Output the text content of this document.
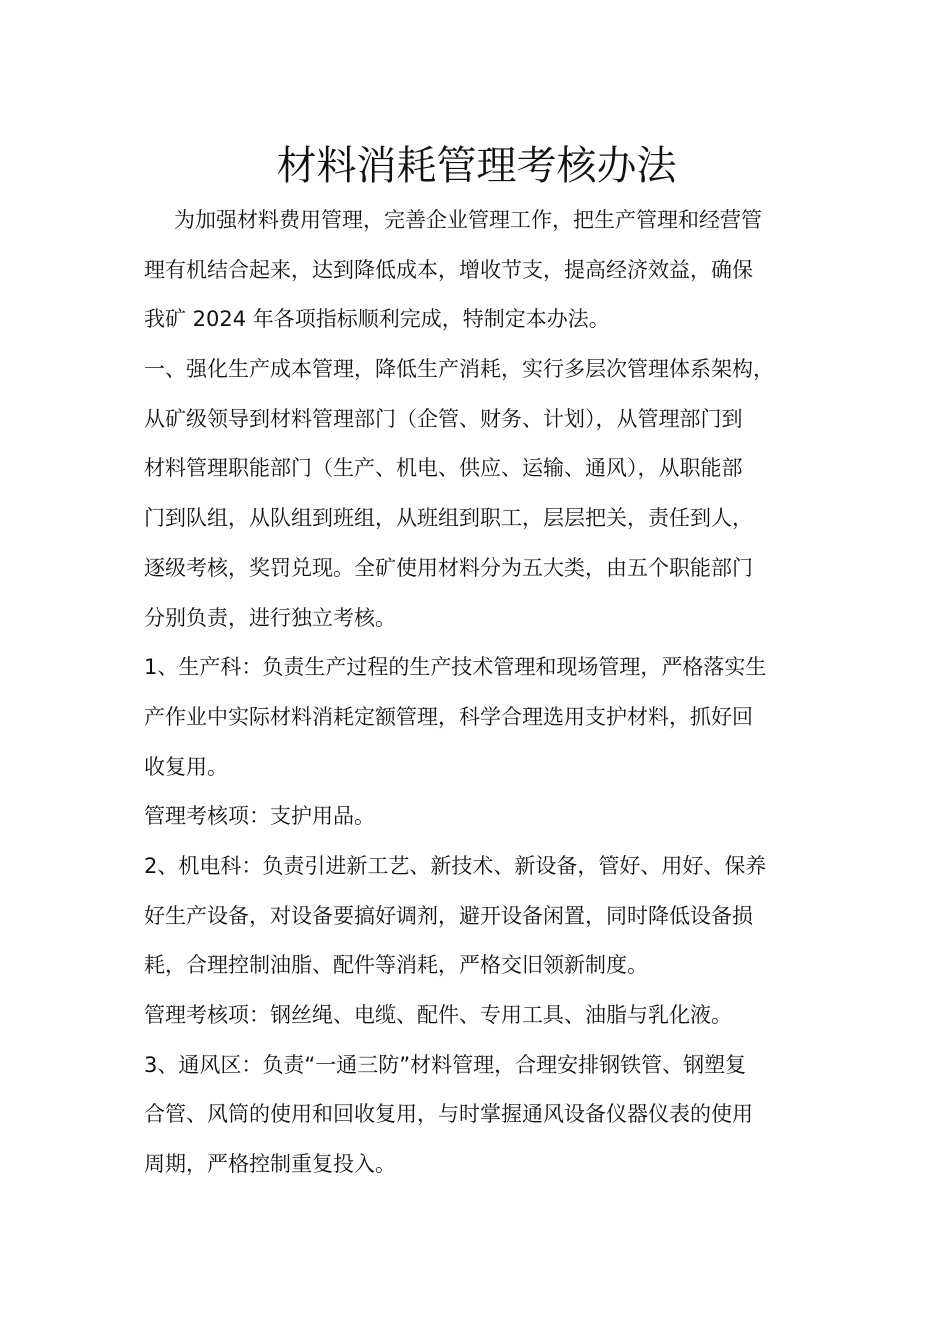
材料消耗管理考核办法
为加强材料费用管理，完善企业管理工作，把生产管理和经营管
理有机结合起来，达到降低成本，增收节支，提高经济效益，确保
我矿 2024 年各项指标顺利完成，特制定本办法。
一、强化生产成本管理，降低生产消耗，实行多层次管理体系架构，
从矿级领导到材料管理部门（企管、财务、计划），从管理部门到
材料管理职能部门（生产、机电、供应、运输、通风），从职能部
门到队组，从队组到班组，从班组到职工，层层把关，责任到人，
逐级考核，奖罚兑现。全矿使用材料分为五大类，由五个职能部门
分别负责，进行独立考核。
1、生产科：负责生产过程的生产技术管理和现场管理，严格落实生
产作业中实际材料消耗定额管理，科学合理选用支护材料，抓好回
收复用。
管理考核项：支护用品。
2、机电科：负责引进新工艺、新技术、新设备，管好、用好、保养
好生产设备，对设备要搞好调剂，避开设备闲置，同时降低设备损
耗，合理控制油脂、配件等消耗，严格交旧领新制度。
管理考核项：钢丝绳、电缆、配件、专用工具、油脂与乳化液。
3、通风区：负责“一通三防”材料管理，合理安排钢铁管、钢塑复
合管、风筒的使用和回收复用，与时掌握通风设备仪器仪表的使用
周期，严格控制重复投入。
